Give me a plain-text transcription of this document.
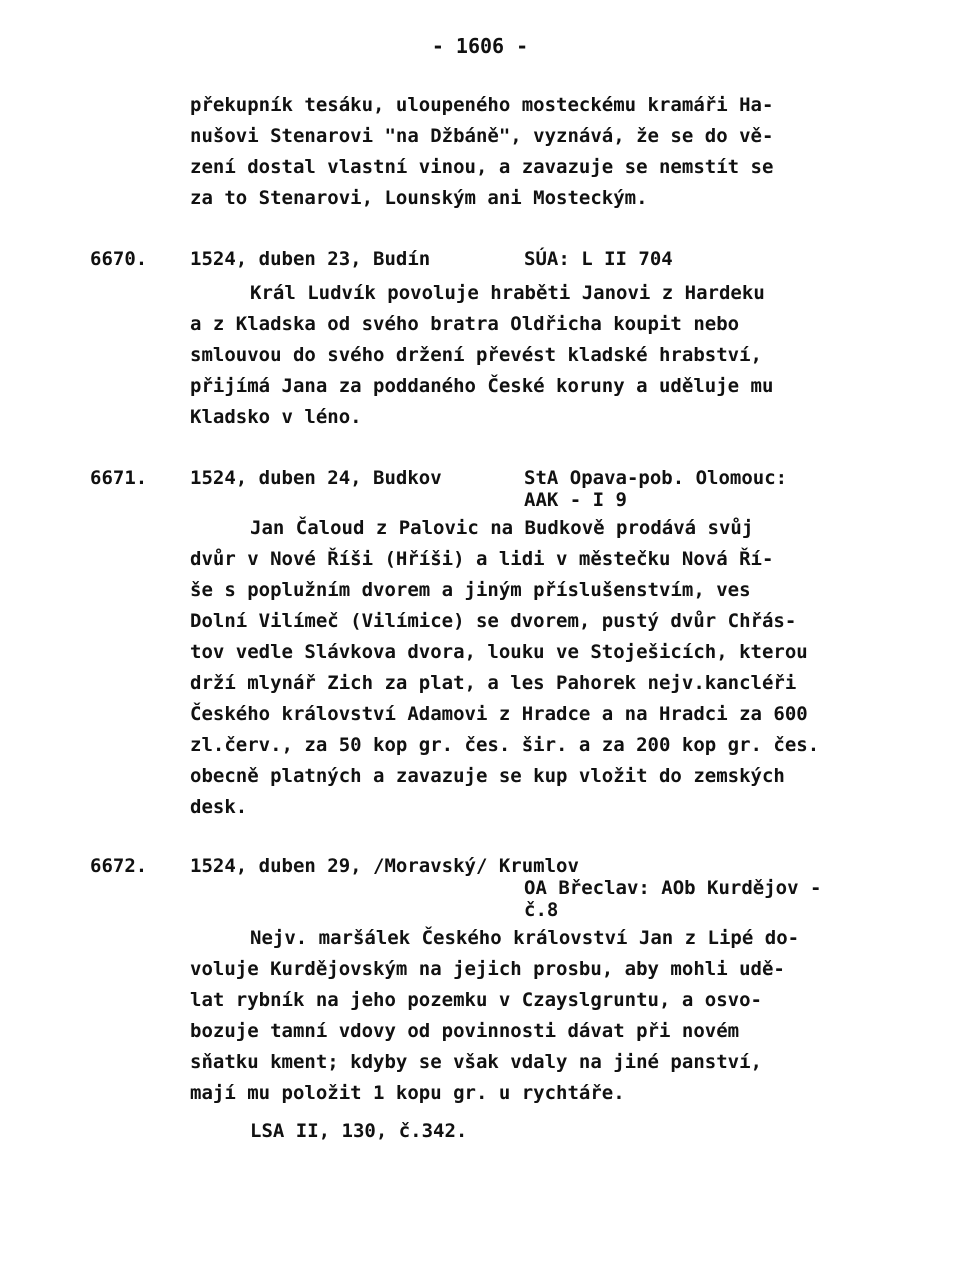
- 1606 -
překupník tesáku, uloupeného mosteckému kramáři Ha-
nušovi Stenarovi "na Džbáně", vyznává, že se do vě-
zení dostal vlastní vinou, a zavazuje se nemstít se
za to Stenarovi, Lounským ani Mosteckým.
6670. 1524, duben 23, Budín	SÚA: L II 704
Král Ludvík povoluje hraběti Janovi z Hardeku
a z Kladska od svého bratra Oldřicha koupit nebo
smlouvou do svého držení převést kladské hrabství,
přijímá Jana za poddaného České koruny a uděluje mu
Kladsko v léno.
6671. 1524, duben 24, Budkov	StA Opava-pob. Olomouc:
AAK - I 9
Jan Čaloud z Palovic na Budkově prodává svůj
dvůr v Nové Říši (Hříši) a lidi v městečku Nová Ří-
še s poplužním dvorem a jiným příslušenstvím, ves
Dolní Vilímeč (Vilímice) se dvorem, pustý dvůr Chřás-
tov vedle Slávkova dvora, louku ve Stoješicích, kterou
drží mlynář Zich za plat, a les Pahorek nejv.kancléři
Českého království Adamovi z Hradce a na Hradci za 600
zl.červ., za 50 kop gr. čes. šir. a za 200 kop gr. čes.
obecně platných a zavazuje se kup vložit do zemských
desk.
6672. 1524, duben 29, /Moravský/ Krumlov
OA Břeclav: AOb Kurdějov -
č.8
Nejv. maršálek Českého království Jan z Lipé do-
voluje Kurdějovským na jejich prosbu, aby mohli udě-
lat rybník na jeho pozemku v Czayslgruntu, a osvo-
bozuje tamní vdovy od povinnosti dávat při novém
sňatku kment; kdyby se však vdaly na jiné panství,
mají mu položit 1 kopu gr. u rychtáře.
LSA II, 130, č.342.
